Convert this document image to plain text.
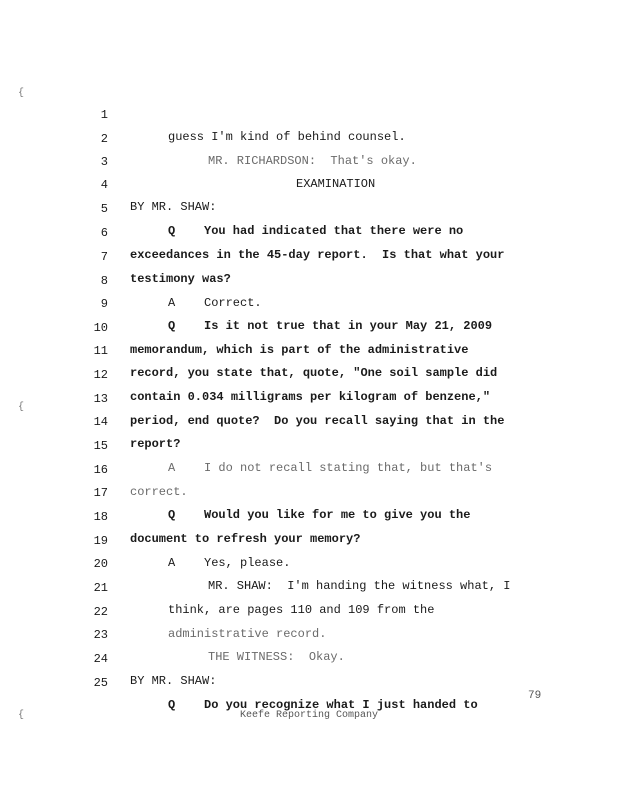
{
{
{

1

guess I'm kind of behind counsel.

2

MR. RICHARDSON:  That's okay.

3

EXAMINATION

4

BY MR. SHAW:

5

Q    You had indicated that there were no

6

exceedances in the 45-day report.  Is that what your

7

testimony was?

8

A    Correct.

9

Q    Is it not true that in your May 21, 2009

10

memorandum, which is part of the administrative

11

record, you state that, quote, "One soil sample did

12

contain 0.034 milligrams per kilogram of benzene,"

13

period, end quote?  Do you recall saying that in the

14

report?

15

A    I do not recall stating that, but that's

16

correct.

17

Q    Would you like for me to give you the

18

document to refresh your memory?

19

A    Yes, please.

20

MR. SHAW:  I'm handing the witness what, I

21

think, are pages 110 and 109 from the

22

administrative record.

23

THE WITNESS:  Okay.

24

BY MR. SHAW:

25

Q    Do you recognize what I just handed to

79
Keefe Reporting Company
